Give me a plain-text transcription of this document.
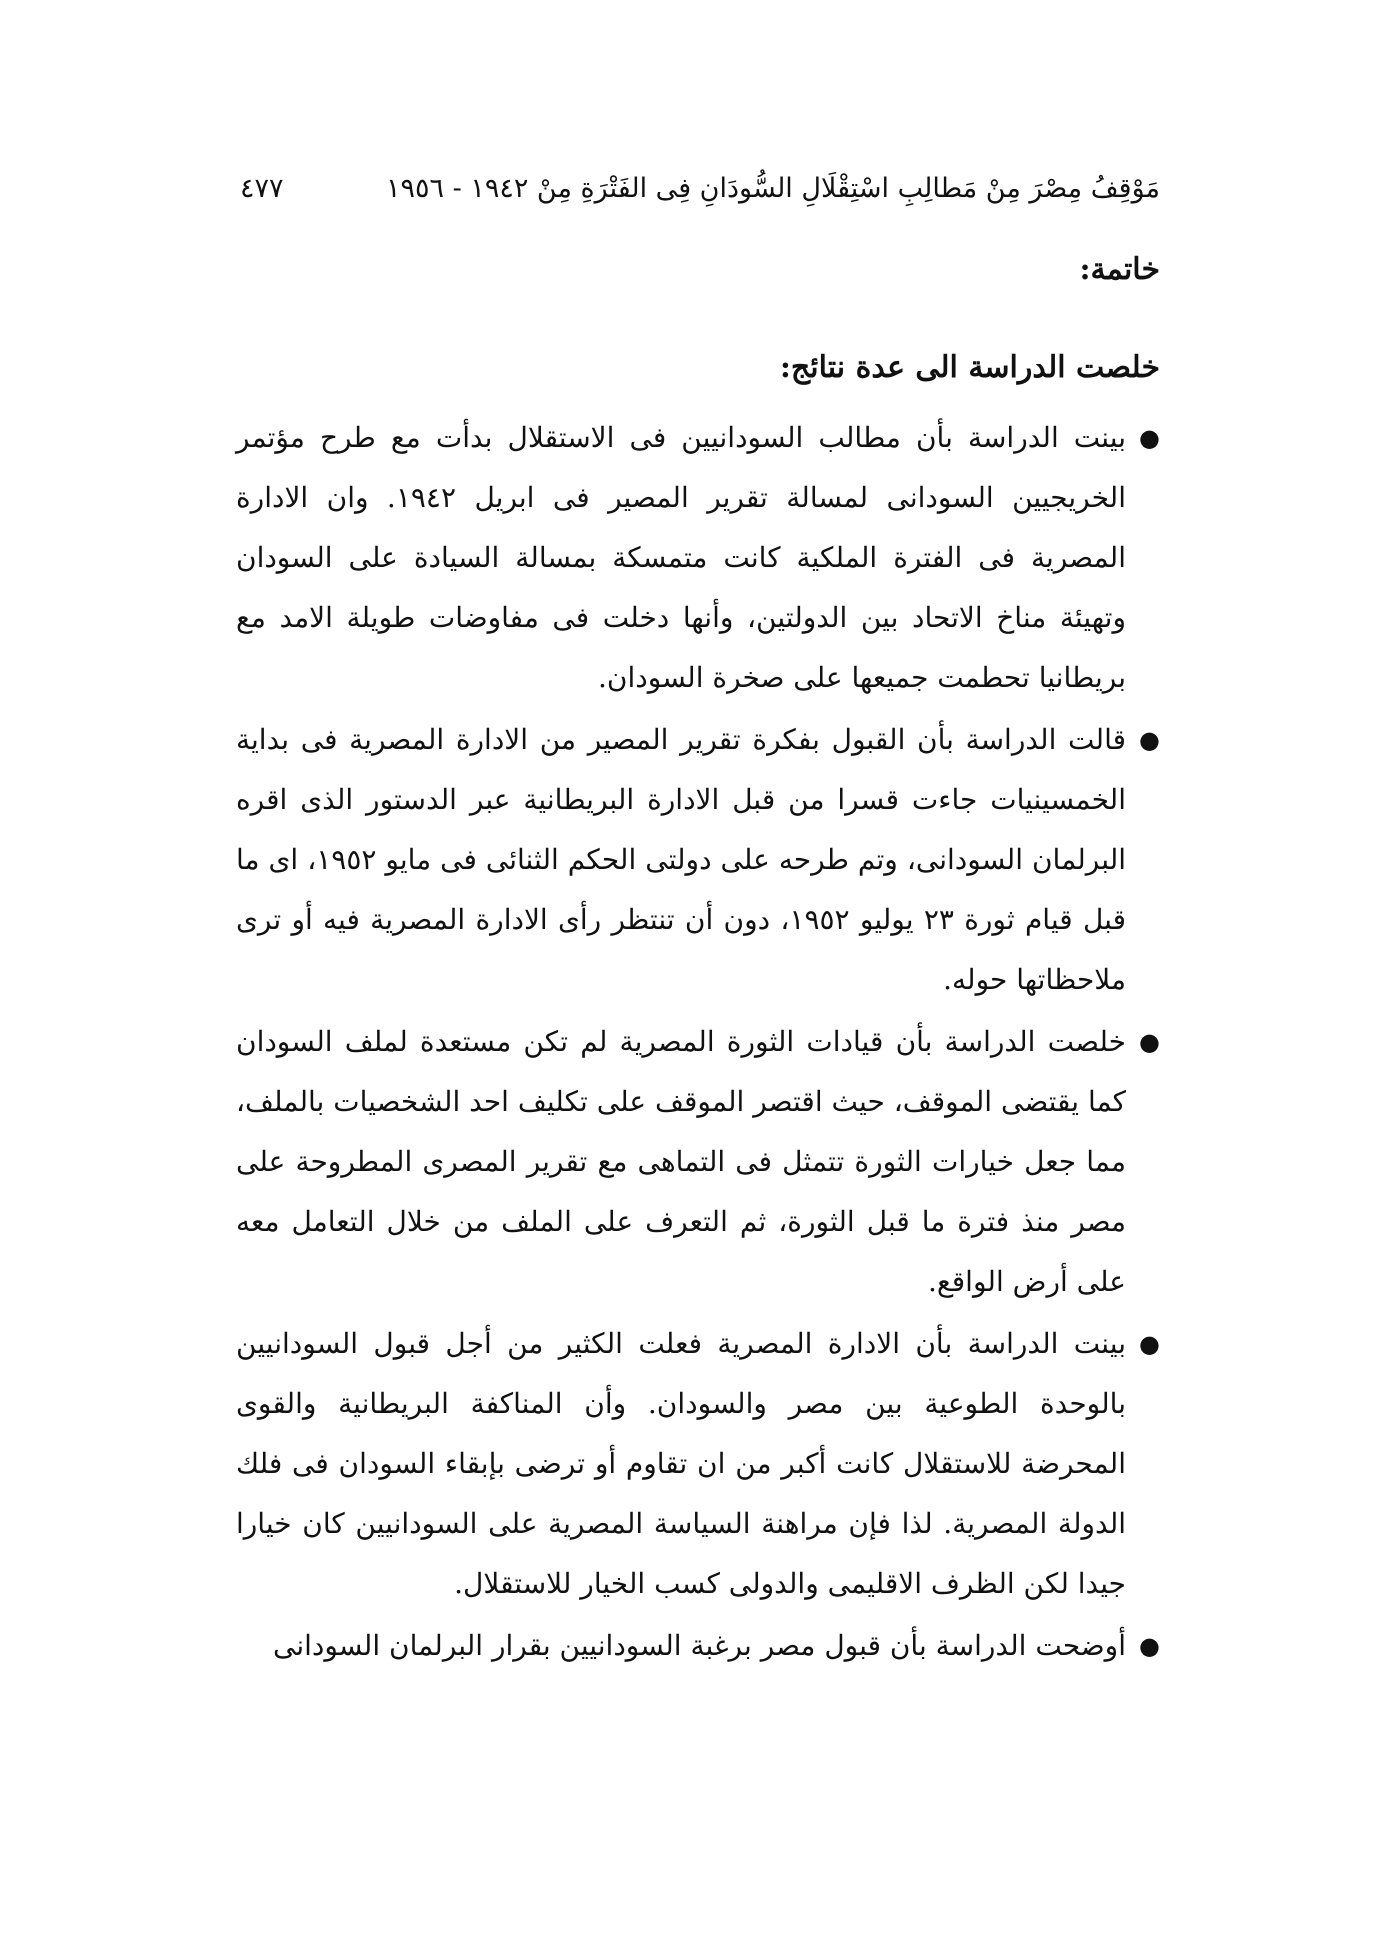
٤٧٧	مَوْقِفُ مِصْرَ مِنْ مَطالِبِ اسْتِقْلَالِ السُّودَانِ فِى الفَتْرَةِ مِنْ ١٩٤٢ - ١٩٥٦
خاتمة:
خلصت الدراسة الى عدة نتائج:
●
بينت الدراسة بأن مطالب السودانيين فى الاستقلال بدأت مع طرح مؤتمر الخريجيين السودانى لمسالة تقرير المصير فى ابريل ١٩٤٢. وان الادارة المصرية فى الفترة الملكية كانت متمسكة بمسالة السيادة على السودان وتهيئة مناخ الاتحاد بين الدولتين، وأنها دخلت فى مفاوضات طويلة الامد مع بريطانيا تحطمت جميعها على صخرة السودان.
●
قالت الدراسة بأن القبول بفكرة تقرير المصير من الادارة المصرية فى بداية الخمسينيات جاءت قسرا من قبل الادارة البريطانية عبر الدستور الذى اقره البرلمان السودانى، وتم طرحه على دولتى الحكم الثنائى فى مايو ١٩٥٢، اى ما قبل قيام ثورة ٢٣ يوليو ١٩٥٢، دون أن تنتظر رأى الادارة المصرية فيه أو ترى ملاحظاتها حوله.
●
خلصت الدراسة بأن قيادات الثورة المصرية لم تكن مستعدة لملف السودان كما يقتضى الموقف، حيث اقتصر الموقف على تكليف احد الشخصيات بالملف، مما جعل خيارات الثورة تتمثل فى التماهى مع تقرير المصرى المطروحة على مصر منذ فترة ما قبل الثورة، ثم التعرف على الملف من خلال التعامل معه على أرض الواقع.
●
بينت الدراسة بأن الادارة المصرية فعلت الكثير من أجل قبول السودانيين بالوحدة الطوعية بين مصر والسودان. وأن المناكفة البريطانية والقوى المحرضة للاستقلال كانت أكبر من ان تقاوم أو ترضى بإبقاء السودان فى فلك الدولة المصرية. لذا فإن مراهنة السياسة المصرية على السودانيين كان خيارا جيدا لكن الظرف الاقليمى والدولى كسب الخيار للاستقلال.
●
أوضحت الدراسة بأن قبول مصر برغبة السودانيين بقرار البرلمان السودانى
